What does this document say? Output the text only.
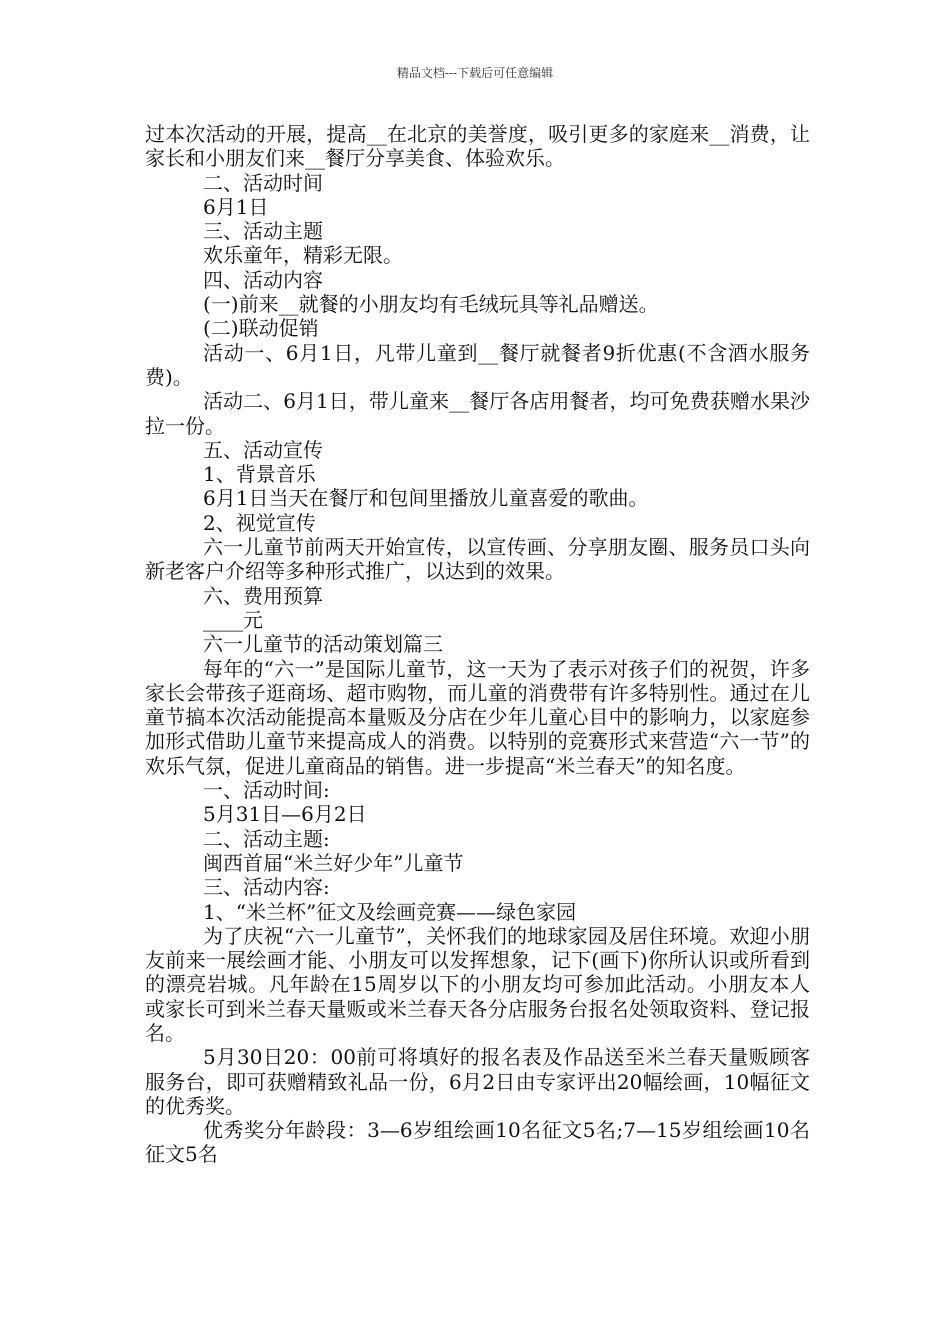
精品文档---下载后可任意编辑

过本次活动的开展，提高__在北京的美誉度，吸引更多的家庭来__消费，让家长和小朋友们来__餐厅分享美食、体验欢乐。

二、活动时间

6月1日

三、活动主题

欢乐童年，精彩无限。

四、活动内容

(一)前来__就餐的小朋友均有毛绒玩具等礼品赠送。

(二)联动促销

活动一、6月1日，凡带儿童到__餐厅就餐者9折优惠(不含酒水服务费)。

活动二、6月1日，带儿童来__餐厅各店用餐者，均可免费获赠水果沙拉一份。

五、活动宣传

1、背景音乐

6月1日当天在餐厅和包间里播放儿童喜爱的歌曲。

2、视觉宣传

六一儿童节前两天开始宣传，以宣传画、分享朋友圈、服务员口头向新老客户介绍等多种形式推广，以达到的效果。

六、费用预算

____元

六一儿童节的活动策划篇三

每年的“六一”是国际儿童节，这一天为了表示对孩子们的祝贺，许多家长会带孩子逛商场、超市购物，而儿童的消费带有许多特别性。通过在儿童节搞本次活动能提高本量贩及分店在少年儿童心目中的影响力，以家庭参加形式借助儿童节来提高成人的消费。以特别的竞赛形式来营造“六一节”的欢乐气氛，促进儿童商品的销售。进一步提高“米兰春天”的知名度。

一、活动时间:

5月31日—6月2日

二、活动主题:

闽西首届“米兰好少年”儿童节

三、活动内容:

1、“米兰杯”征文及绘画竞赛——绿色家园

为了庆祝“六一儿童节”，关怀我们的地球家园及居住环境。欢迎小朋友前来一展绘画才能、小朋友可以发挥想象，记下(画下)你所认识或所看到的漂亮岩城。凡年龄在15周岁以下的小朋友均可参加此活动。小朋友本人或家长可到米兰春天量贩或米兰春天各分店服务台报名处领取资料、登记报名。

5月30日20：00前可将填好的报名表及作品送至米兰春天量贩顾客服务台，即可获赠精致礼品一份，6月2日由专家评出20幅绘画，10幅征文的优秀奖。

优秀奖分年龄段：3—6岁组绘画10名征文5名;7—15岁组绘画10名征文5名
